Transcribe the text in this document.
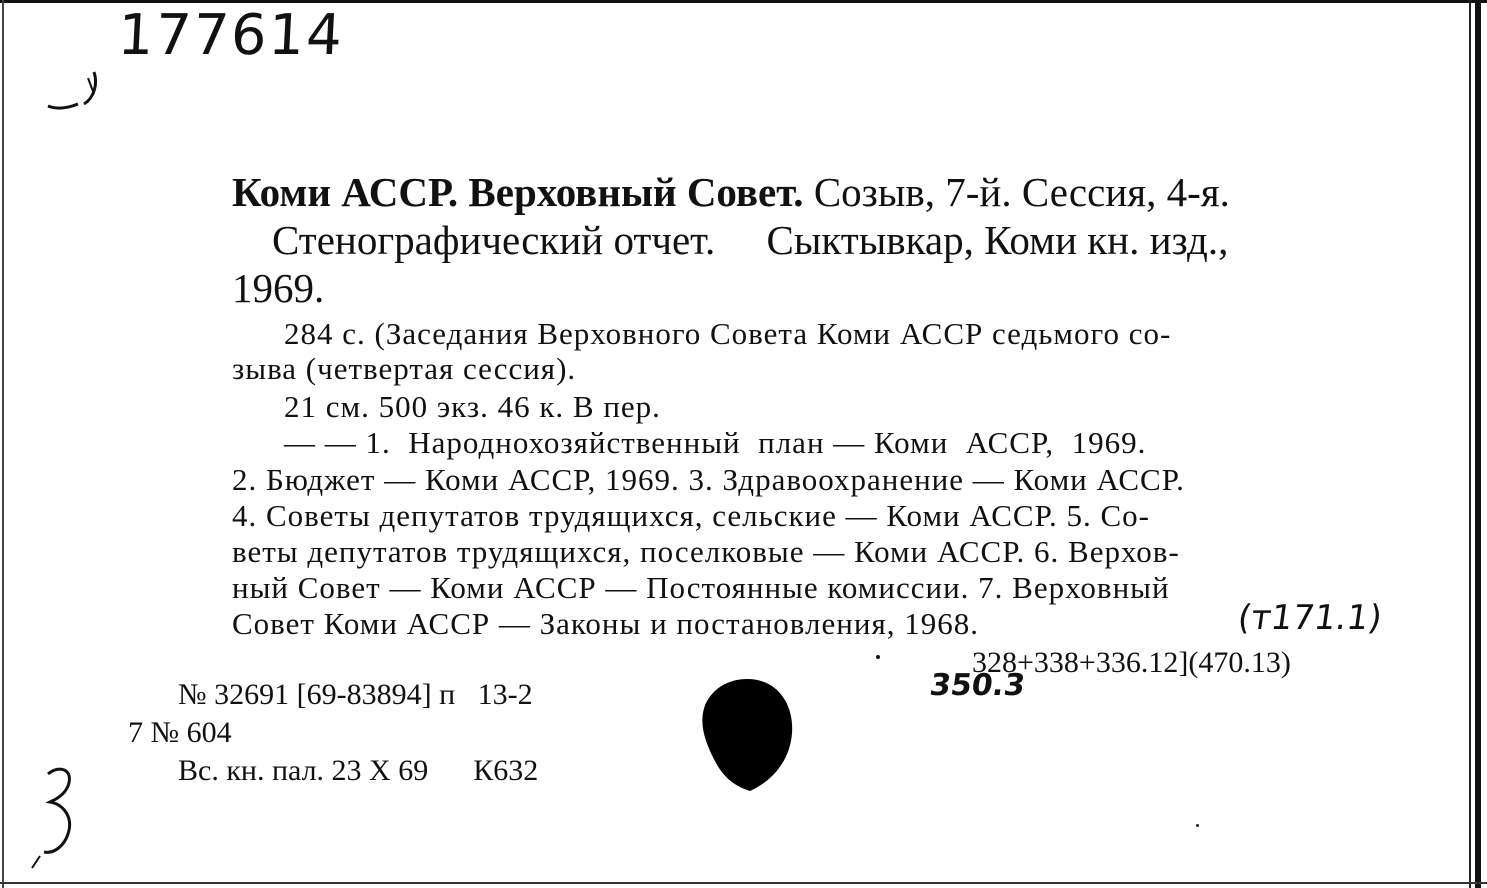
177614
Коми АССР. Верховный Совет. Созыв, 7-й. Сессия, 4-я.
Стенографический отчет.     Сыктывкар, Коми кн. изд.,
1969.
284 с. (Заседания Верховного Совета Коми АССР седьмого со-
зыва (четвертая сессия).
21 см. 500 экз. 46 к. В пер.
— — 1.  Народнохозяйственный  план — Коми  АССР,  1969.
2. Бюджет — Коми АССР, 1969. 3. Здравоохранение — Коми АССР.
4. Советы депутатов трудящихся, сельские — Коми АССР. 5. Со-
веты депутатов трудящихся, поселковые — Коми АССР. 6. Верхов-
ный Совет — Коми АССР — Постоянные комиссии. 7. Верховный
Совет Коми АССР — Законы и постановления, 1968.	(т171.1)
328+338+336.12](470.13)
350.3
№ 32691 [69-83894] п   13-2
7 № 604
Вс. кн. пал. 23 Х 69      К632
